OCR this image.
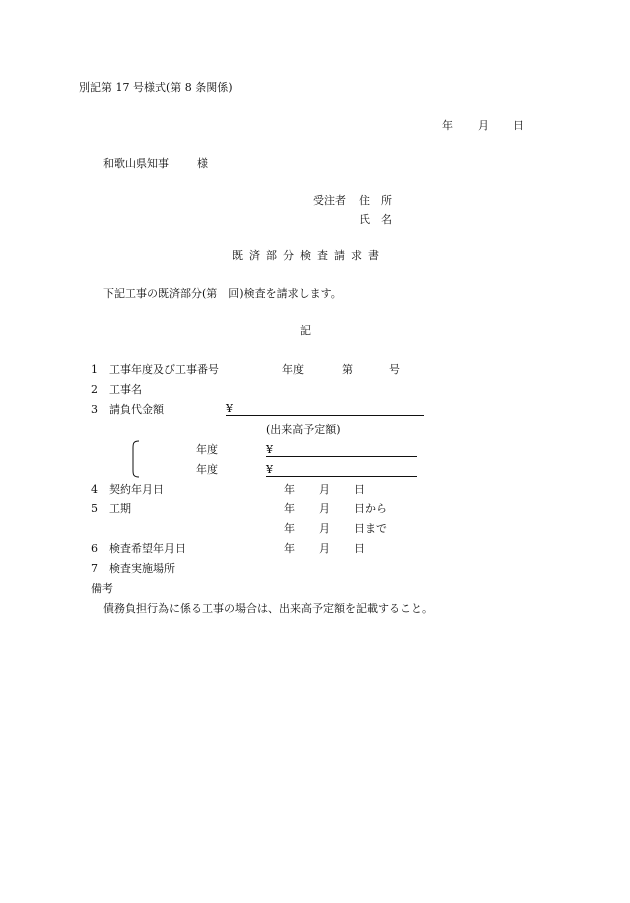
別記第 17 号様式(第 8 条関係)
年 月 日
和歌山県知事	様
受注者 住　所
氏　名
既済部分検査請求書
下記工事の既済部分(第　回)検査を請求します。
記
1 工事年度及び工事番号	年度	第	号
2 工事名
3 請負代金額	¥
(出来高予定額)
年度	¥
年度	¥
4 契約年月日	年 月 日
5 工期	年 月 日から
年 月 日まで
6 検査希望年月日	年 月 日
7 検査実施場所
備考
債務負担行為に係る工事の場合は、出来高予定額を記載すること。
